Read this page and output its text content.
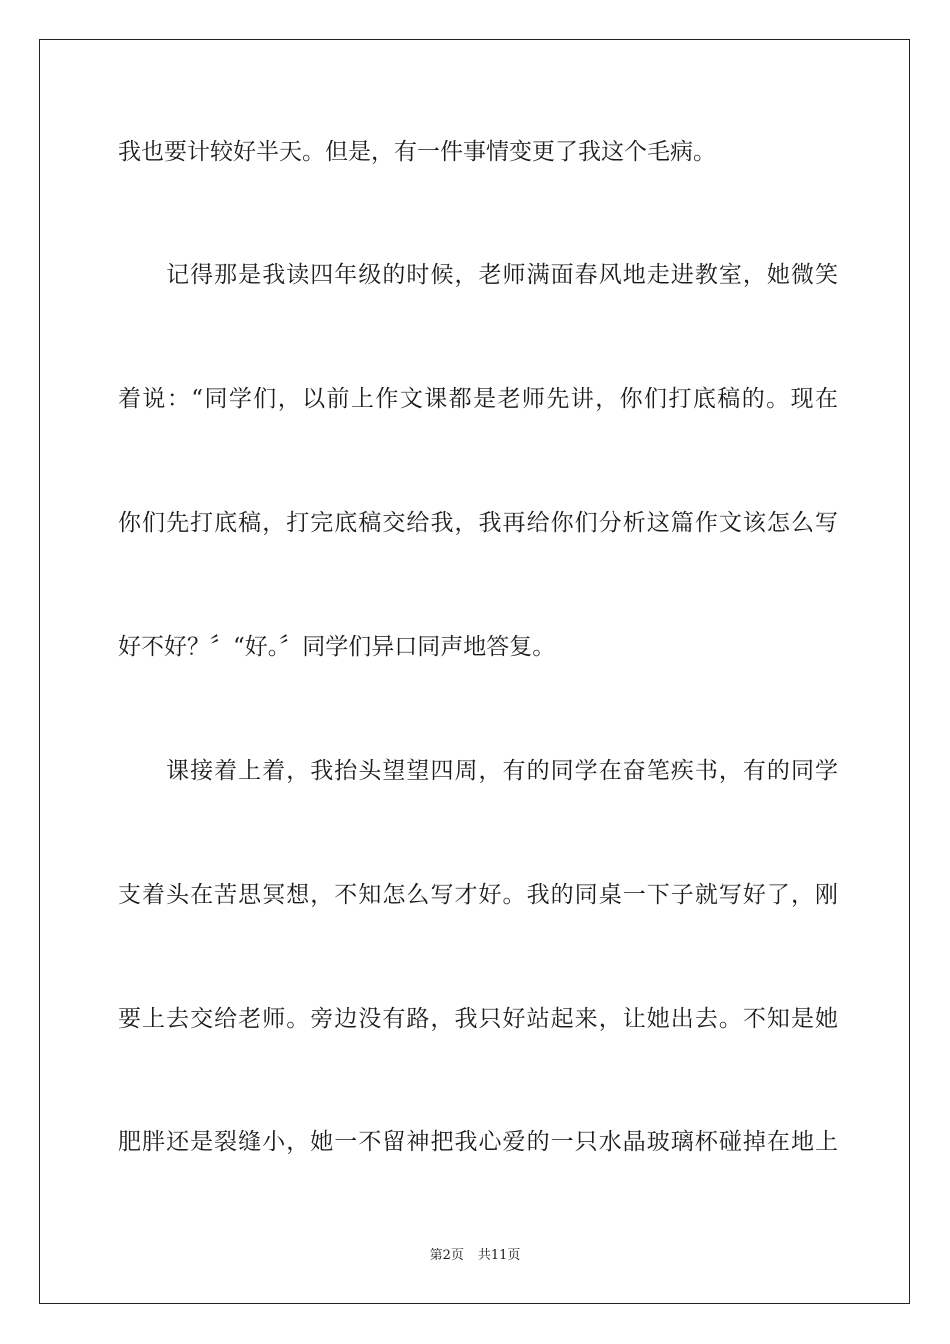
我也要计较好半天。但是，有一件事情变更了我这个毛病。
　　记得那是我读四年级的时候，老师满面春风地走进教室，她微笑
着说：“同学们，以前上作文课都是老师先讲，你们打底稿的。现在
你们先打底稿，打完底稿交给我，我再给你们分析这篇作文该怎么写
好不好？〞“好。〞同学们异口同声地答复。
　　课接着上着，我抬头望望四周，有的同学在奋笔疾书，有的同学
支着头在苦思冥想，不知怎么写才好。我的同桌一下子就写好了，刚
要上去交给老师。旁边没有路，我只好站起来，让她出去。不知是她
肥胖还是裂缝小，她一不留神把我心爱的一只水晶玻璃杯碰掉在地上
第2页 共11页
